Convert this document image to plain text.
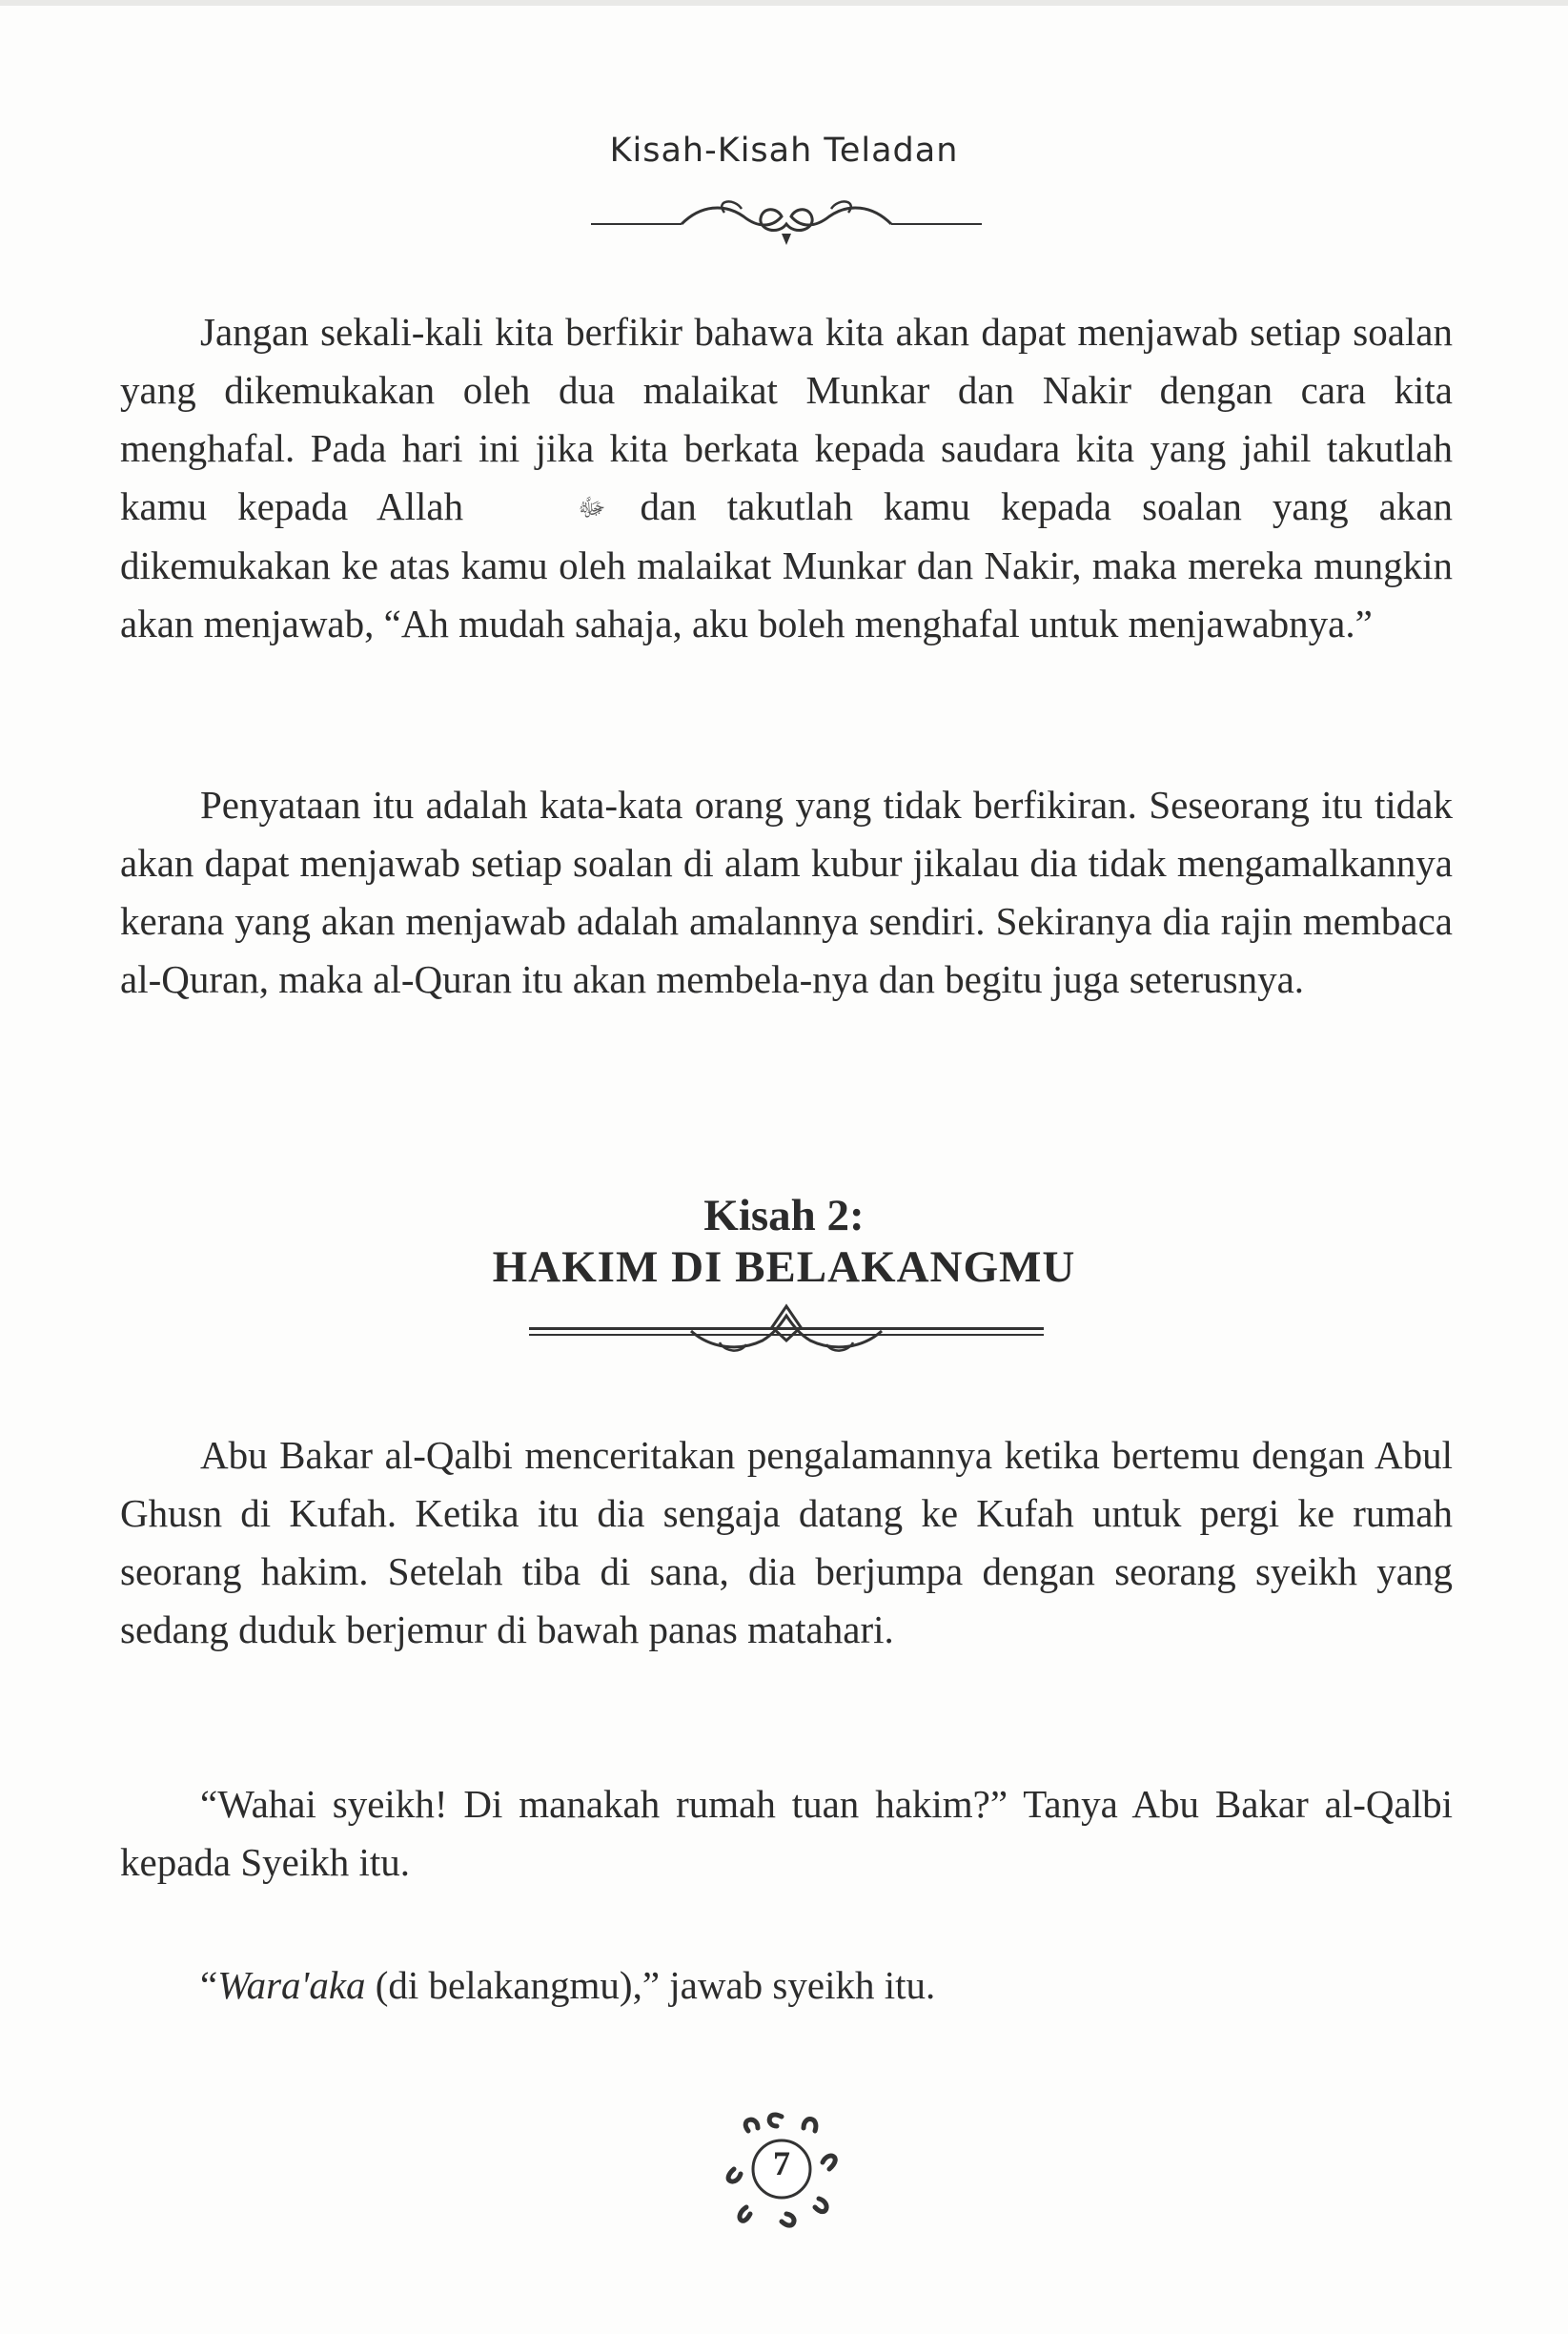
Kisah-Kisah Teladan

Jangan sekali-kali kita berfikir bahawa kita akan dapat menjawab setiap soalan yang dikemukakan oleh dua malaikat Munkar dan Nakir dengan cara kita menghafal. Pada hari ini jika kita berkata kepada saudara kita yang jahil takutlah kamu kepada Allah	ﷻ dan takutlah kamu kepada soalan yang akan dikemukakan ke atas kamu oleh malaikat Munkar dan Nakir, maka mereka mungkin akan menjawab, “Ah mudah sahaja, aku boleh menghafal untuk menjawabnya.”

Penyataan itu adalah kata-kata orang yang tidak berfikiran. Seseorang itu tidak akan dapat menjawab setiap soalan di alam kubur jikalau dia tidak mengamalkannya kerana yang akan menjawab adalah amalannya sendiri. Sekiranya dia rajin membaca al-Quran, maka al-Quran itu akan membela-nya dan begitu juga seterusnya.

Kisah 2:
HAKIM DI BELAKANGMU

Abu Bakar al-Qalbi menceritakan pengalamannya ketika bertemu dengan Abul Ghusn di Kufah. Ketika itu dia sengaja datang ke Kufah untuk pergi ke rumah seorang hakim. Setelah tiba di sana, dia berjumpa dengan seorang syeikh yang sedang duduk berjemur di bawah panas matahari.

“Wahai syeikh! Di manakah rumah tuan hakim?” Tanya Abu Bakar al-Qalbi kepada Syeikh itu.

“Wara'aka (di belakangmu),” jawab syeikh itu.

7
